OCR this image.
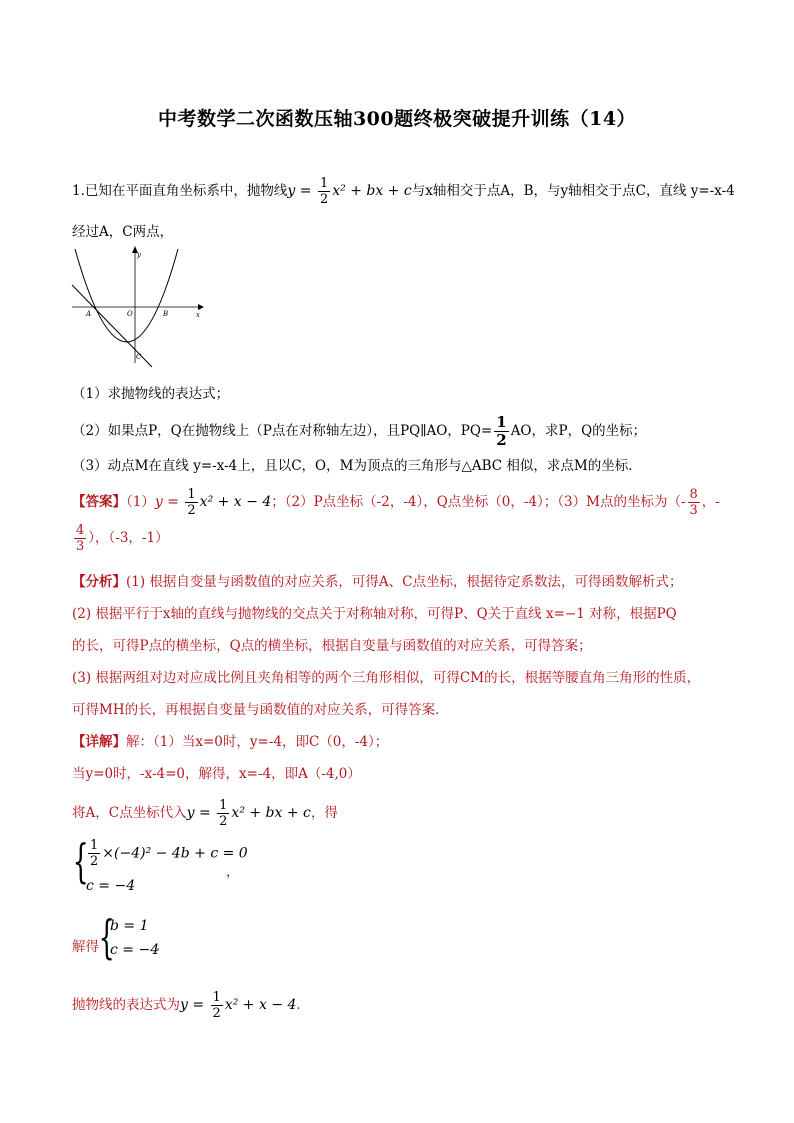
中考数学二次函数压轴300题终极突破提升训练（14）
1.已知在平面直角坐标系中，抛物线$y = \frac{1}{2} x^2$ + bx + c与x轴相交于点A，B，与y轴相交于点C，直线 y=-x-4
经过A，C两点，
y
x
A	O	B
C
（1）求抛物线的表达式；
（2）如果点P，Q在抛物线上（P点在对称轴左边），且PQ∥AO，$PQ= \frac{1}{2}$ AO，求P，Q的坐标；
（3）动点M在直线 y=-x-4上，且以C，O，M为顶点的三角形与△ABC 相似，求点M的坐标．
【答案】$(1)y = \frac{1}{2} x^2 + x - 4$；（2）P点坐标（-2，-4），Q点坐标（0，-4）；（3）M点的坐标为（- $\frac{8}{3}$ ，-
$\frac{4}{3}$ ），（-3，-1）
【分析】(1) 根据自变量与函数值的对应关系，可得A、C点坐标，根据待定系数法，可得函数解析式；
(2) 根据平行于x轴的直线与抛物线的交点关于对称轴对称，可得P、Q关于直线 x=−1 对称，根据PQ
的长，可得P点的横坐标，Q点的横坐标，根据自变量与函数值的对应关系，可得答案；
(3) 根据两组对边对应成比例且夹角相等的两个三角形相似，可得CM的长，根据等腰直角三角形的性质，
可得MH的长，再根据自变量与函数值的对应关系，可得答案．
【详解】解：（1）当x=0时，y=-4，即C（0，-4）；
当y=0时，-x-4=0，解得，x=-4，即A（-4,0）
将A，C点坐标代入$y = \frac{1}{2} x^2$ + bx + c，得
{ $\frac{1}{2} \times(-4)^2 - 4b + c = 0$
c = −4
，
解得 {
b = 1
c = −4
．
抛物线的表达式为$y = \frac{1}{2} x^2 + x - 4$．
